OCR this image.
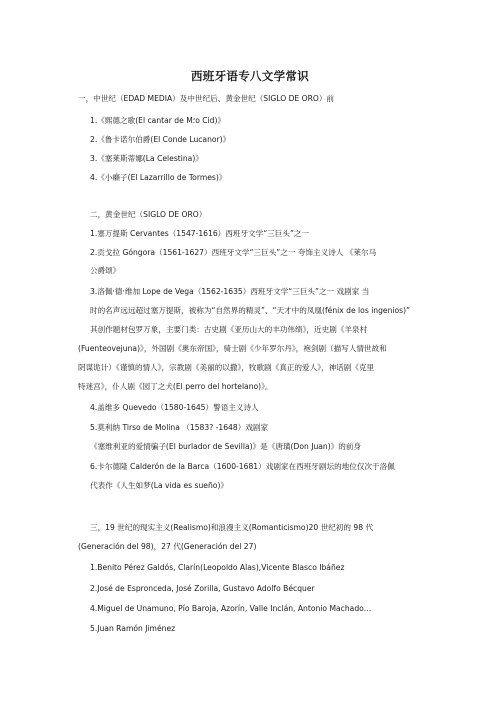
西班牙语专八文学常识
一，中世纪（EDAD MEDIA）及中世纪后、黄金世纪（SIGLO DE ORO）前
1.《熙德之歌(El cantar de M؛o Cid)》
2.《鲁卡诺尔伯爵(El Conde Lucanor)》
3.《塞莱斯蒂娜(La Celestina)》
4.《小癞子(El Lazarrillo de Tormes)》
二，黄金世纪（SIGLO DE ORO）
1.塞万提斯 Cervantes（1547-1616）西班牙文学“三巨头”之一
2.贡戈拉 Góngora（1561-1627）西班牙文学“三巨头”之一 夸饰主义诗人 《莱尔马
公爵颂》
3.洛佩·德·维加 Lope de Vega（1562-1635）西班牙文学“三巨头”之一 戏剧家 当
时的名声远远超过塞万提斯，被称为“自然界的精灵”、“天才中的凤凰(fénix de los ingenios)”
其创作题材包罗万象，主要门类：古史剧《亚历山大的丰功伟绩》，近史剧《羊泉村
(Fuenteovejuna)》，外国剧《奥东帝国》，骑士剧《少年罗尔丹》，袍剑剧（描写人情世故和
阴谋诡计）《谨慎的情人》，宗教剧《美丽的以撒》，牧歌剧《真正的爱人》，神话剧《克里
特迷宫》，仆人剧《园丁之犬(El perro del hortelano)》。
4.盖维多 Quevedo（1580-1645）警语主义诗人
5.莫利纳 Tirso de Molina （1583? -1648）戏剧家
《塞维利亚的爱情骗子(El burlador de Sevilla)》是《唐璜(Don Juan)》的前身
6.卡尔德隆 Calderón de la Barca（1600-1681）戏剧家在西班牙剧坛的地位仅次于洛佩
代表作《人生如梦(La vida es sueño)》
三，19 世纪的现实主义(Realismo)和浪漫主义(Romanticismo)20 世纪初的 98 代
(Generación del 98)，27 代(Generación del 27)
1.Benito Pérez Galdós, Clarín(Leopoldo Alas),Vicente Blasco Ibáñez
2.José de Espronceda, José Zorilla, Gustavo Adolfo Bécquer
4.Miguel de Unamuno, Pío Baroja, Azorín, Valle Inclán, Antonio Machado…
5.Juan Ramón Jiménez
